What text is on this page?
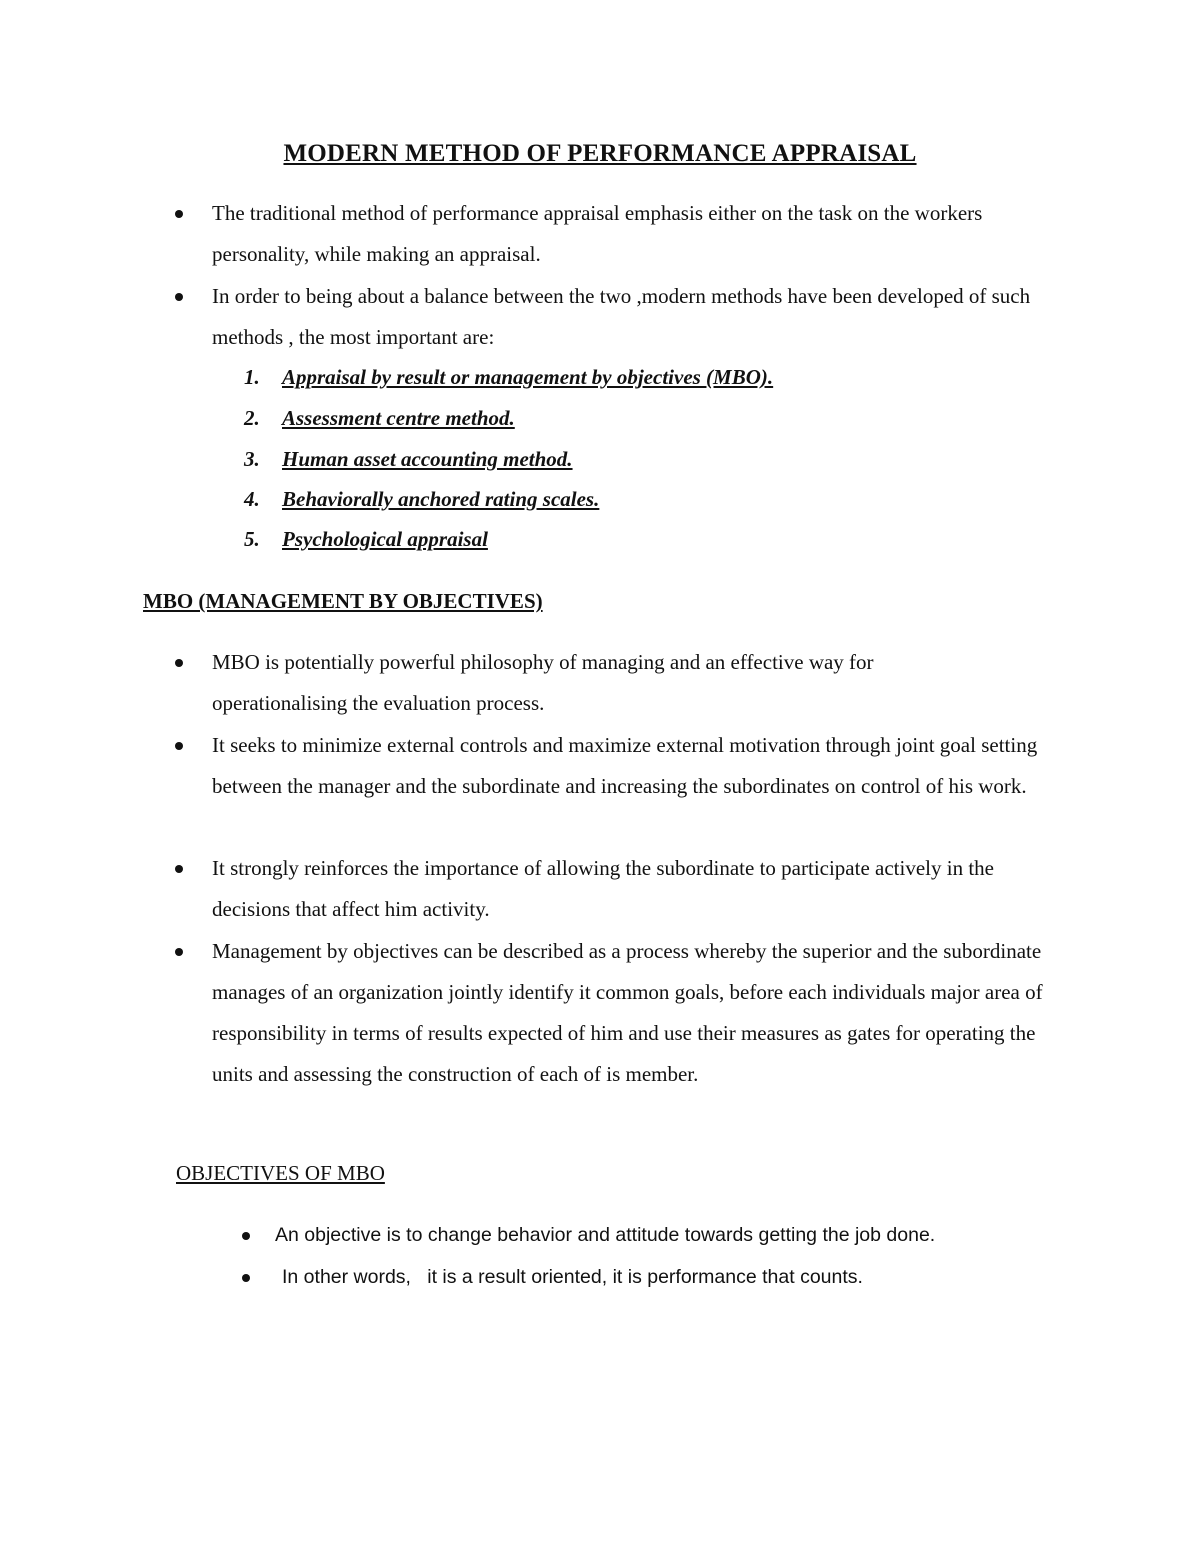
MODERN METHOD OF PERFORMANCE APPRAISAL
The traditional method of performance appraisal emphasis either on the task on the workers personality, while making an appraisal.
In order to being about a balance between the two ,modern methods have been developed of such methods , the most important are:
1. Appraisal by result or management by objectives (MBO).
2. Assessment centre method.
3. Human asset accounting method.
4. Behaviorally anchored rating scales.
5. Psychological appraisal
MBO (MANAGEMENT BY OBJECTIVES)
MBO is potentially powerful philosophy of managing and an effective way for operationalising the evaluation process.
It seeks to minimize external controls and maximize external motivation through joint goal setting between the manager and the subordinate and increasing the subordinates on control of his work.
It strongly reinforces the importance of allowing the subordinate to participate actively in the decisions that affect him activity.
Management by objectives can be described as a process whereby the superior and the subordinate manages of an organization jointly identify it common goals, before each individuals major area of responsibility in terms of results expected of him and use their measures as gates for operating the units and assessing the construction of each of is member.
OBJECTIVES OF MBO
An objective is to change behavior and attitude towards getting the job done.
In other words,   it is a result oriented, it is performance that counts.
